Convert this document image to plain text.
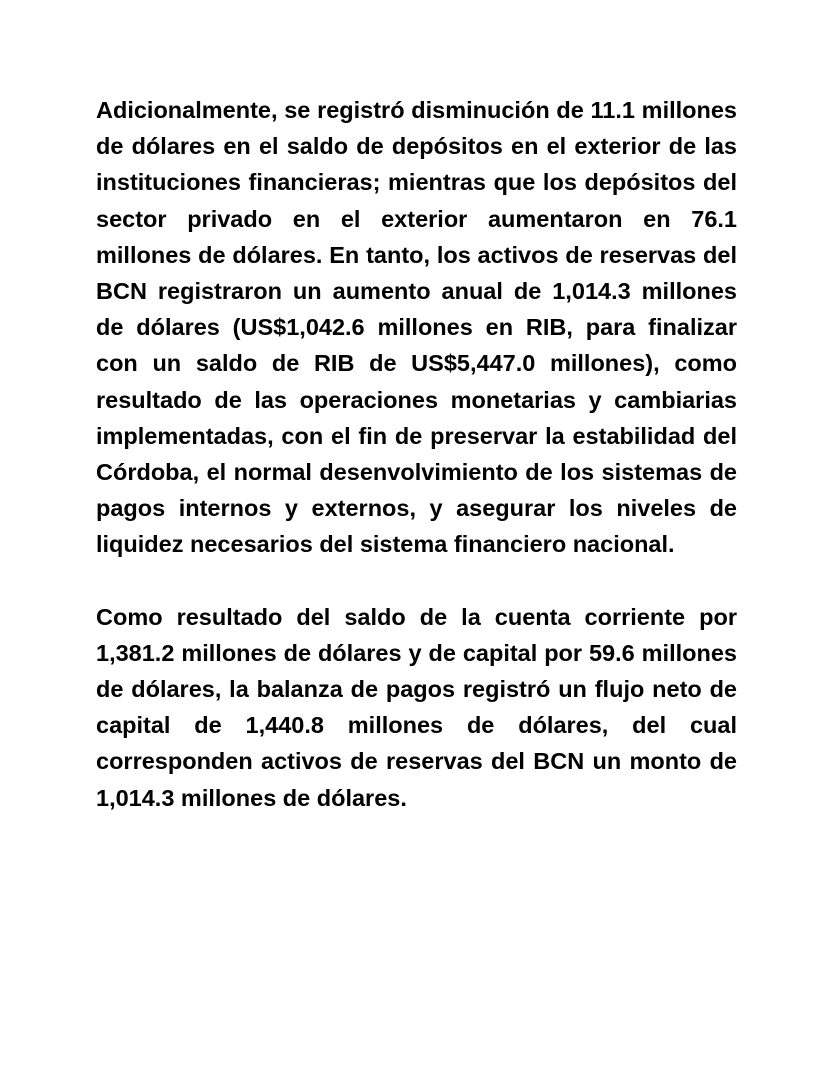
Adicionalmente, se registró disminución de 11.1 millones de dólares en el saldo de depósitos en el exterior de las instituciones financieras; mientras que los depósitos del sector privado en el exterior aumentaron en 76.1 millones de dólares. En tanto, los activos de reservas del BCN registraron un aumento anual de 1,014.3 millones de dólares (US$1,042.6 millones en RIB, para finalizar con un saldo de RIB de US$5,447.0 millones), como resultado de las operaciones monetarias y cambiarias implementadas, con el fin de preservar la estabilidad del Córdoba, el normal desenvolvimiento de los sistemas de pagos internos y externos, y asegurar los niveles de liquidez necesarios del sistema financiero nacional.

Como resultado del saldo de la cuenta corriente por 1,381.2 millones de dólares y de capital por 59.6 millones de dólares, la balanza de pagos registró un flujo neto de capital de 1,440.8 millones de dólares, del cual corresponden activos de reservas del BCN un monto de 1,014.3 millones de dólares.
